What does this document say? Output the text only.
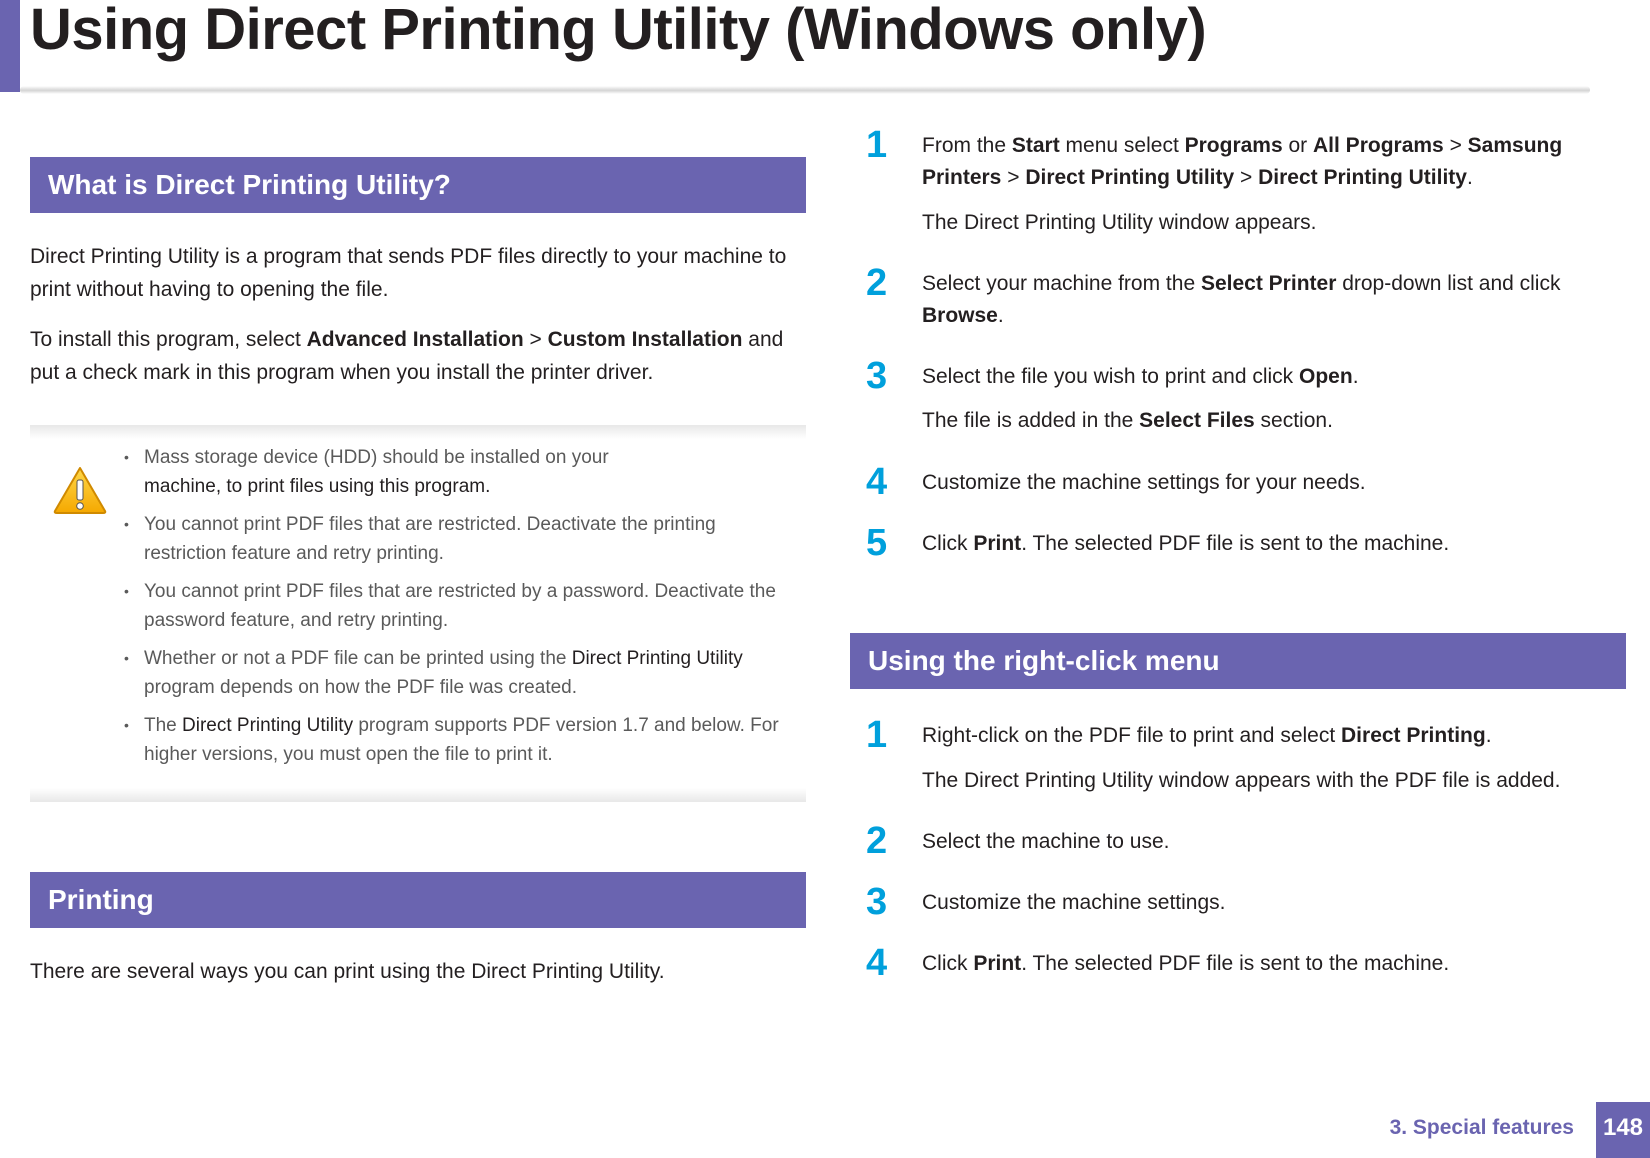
Using Direct Printing Utility (Windows only)
What is Direct Printing Utility?

Direct Printing Utility is a program that sends PDF files directly to your machine to print without having to opening the file.

To install this program, select Advanced Installation > Custom Installation and put a check mark in this program when you install the printer driver.

• Mass storage device (HDD) should be installed on your
machine, to print files using this program.
• You cannot print PDF files that are restricted. Deactivate the printing restriction feature and retry printing.
• You cannot print PDF files that are restricted by a password. Deactivate the password feature, and retry printing.
• Whether or not a PDF file can be printed using the Direct Printing Utility program depends on how the PDF file was created.
• The Direct Printing Utility program supports PDF version 1.7 and below. For higher versions, you must open the file to print it.
Printing

There are several ways you can print using the Direct Printing Utility.

1 From the Start menu select Programs or All Programs > Samsung Printers > Direct Printing Utility > Direct Printing Utility.

The Direct Printing Utility window appears.

2 Select your machine from the Select Printer drop-down list and click Browse.

3 Select the file you wish to print and click Open.

The file is added in the Select Files section.

4 Customize the machine settings for your needs.

5 Click Print. The selected PDF file is sent to the machine.

Using the right-click menu
1 Right-click on the PDF file to print and select Direct Printing.

The Direct Printing Utility window appears with the PDF file is added.

2 Select the machine to use.

3 Customize the machine settings.

4 Click Print. The selected PDF file is sent to the machine.

3. Special features 148
